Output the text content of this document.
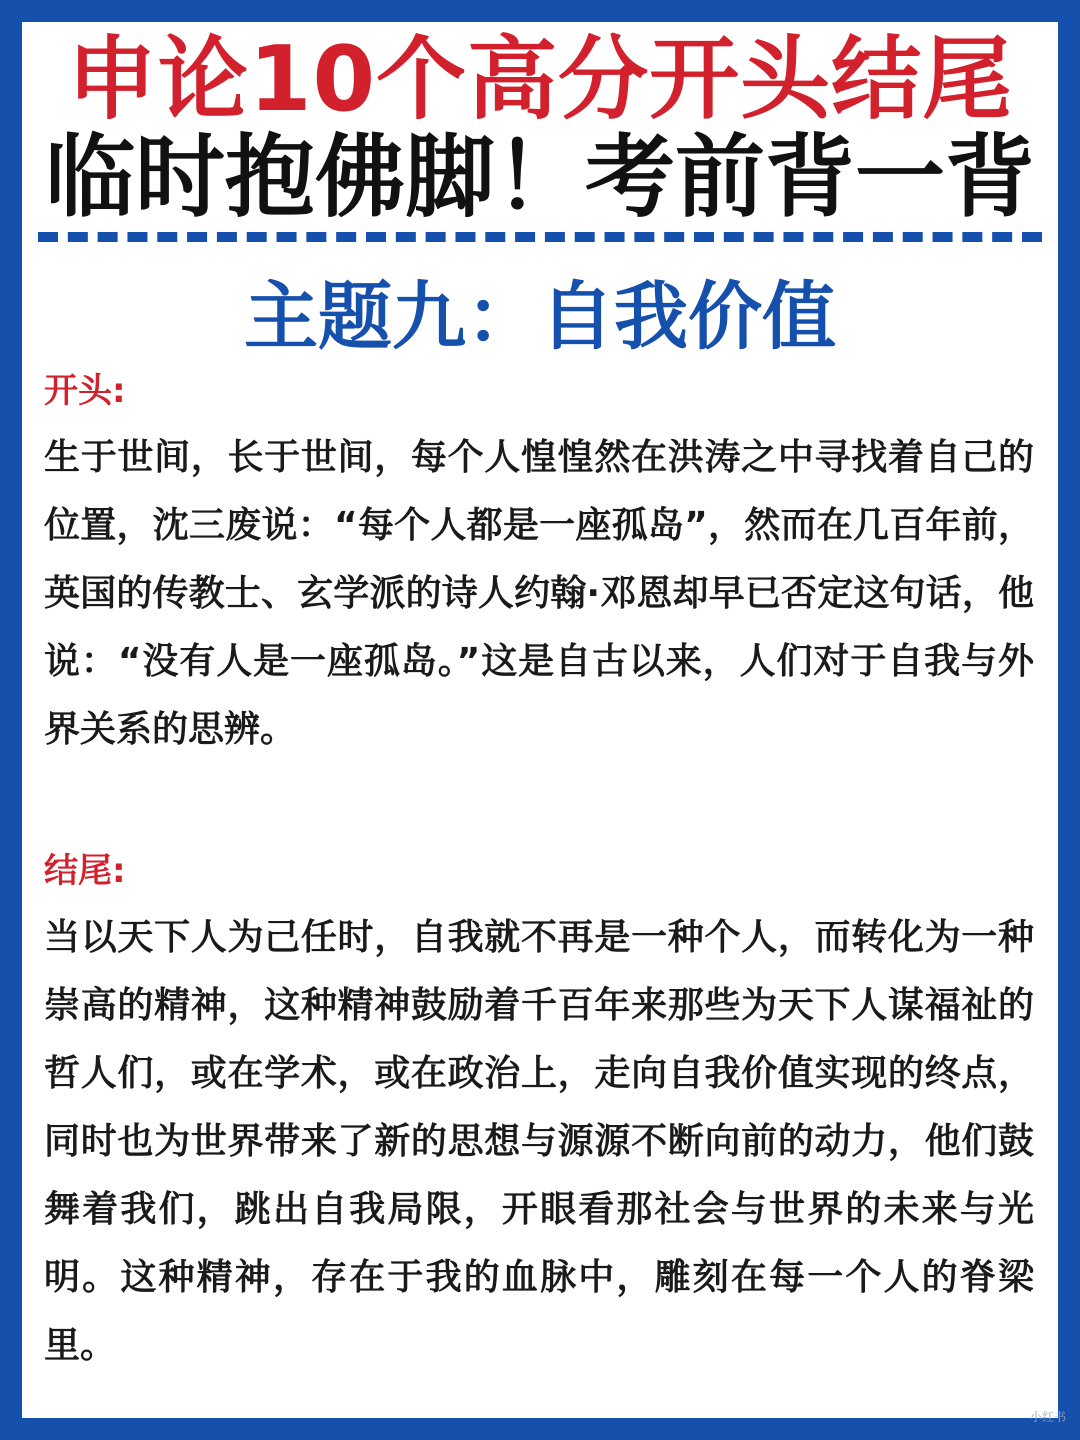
申论10个高分开头结尾
临时抱佛脚！考前背一背
主题九：自我价值
开头:
生于世间，长于世间，每个人惶惶然在洪涛之中寻找着自己的位置，沈三废说：“每个人都是一座孤岛”，然而在几百年前，英国的传教士、玄学派的诗人约翰·邓恩却早已否定这句话，他说：“没有人是一座孤岛。”这是自古以来，人们对于自我与外界关系的思辨。
结尾:
当以天下人为己任时，自我就不再是一种个人，而转化为一种崇高的精神，这种精神鼓励着千百年来那些为天下人谋福祉的哲人们，或在学术，或在政治上，走向自我价值实现的终点，同时也为世界带来了新的思想与源源不断向前的动力，他们鼓舞着我们，跳出自我局限，开眼看那社会与世界的未来与光明。这种精神，存在于我的血脉中，雕刻在每一个人的脊梁里。
小红书
